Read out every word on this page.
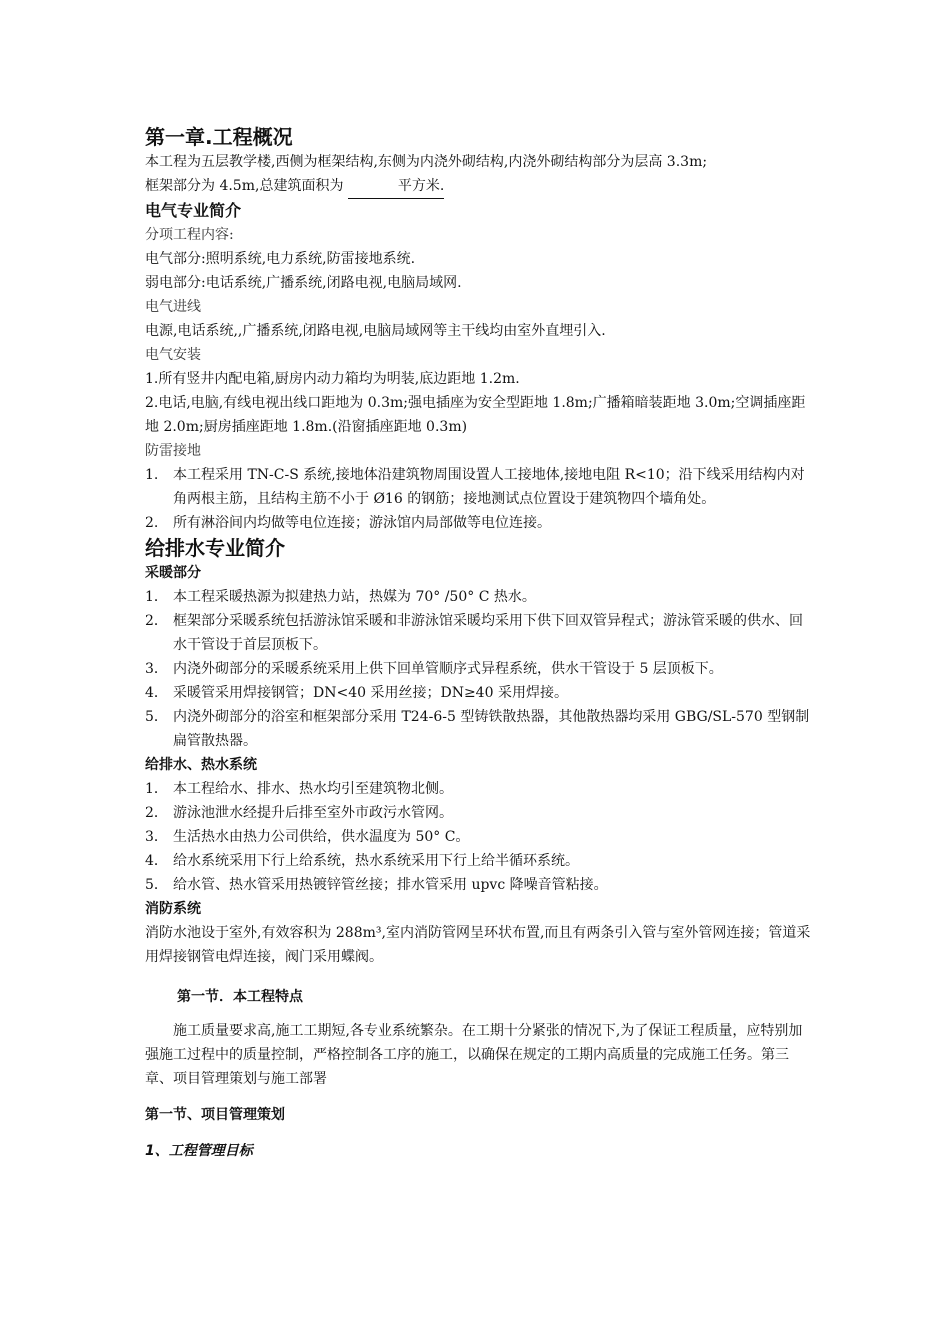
第一章.工程概况

本工程为五层教学楼,西侧为框架结构,东侧为内浇外砌结构,内浇外砌结构部分为层高 3.3m;

框架部分为 4.5m,总建筑面积为	平方米.

电气专业简介

分项工程内容:

电气部分:照明系统,电力系统,防雷接地系统.

弱电部分:电话系统,广播系统,闭路电视,电脑局域网.

电气进线

电源,电话系统,,广播系统,闭路电视,电脑局域网等主干线均由室外直埋引入.

电气安装

1.所有竖井内配电箱,厨房内动力箱均为明装,底边距地 1.2m.

2.电话,电脑,有线电视出线口距地为 0.3m;强电插座为安全型距地 1.8m;广播箱暗装距地 3.0m;空调插座距地 2.0m;厨房插座距地 1.8m.(沿窗插座距地 0.3m)

防雷接地

1. 本工程采用 TN-C-S 系统,接地体沿建筑物周围设置人工接地体,接地电阻 R<10；沿下线采用结构内对角两根主筋，且结构主筋不小于 Ø16 的钢筋；接地测试点位置设于建筑物四个墙角处。
2. 所有淋浴间内均做等电位连接；游泳馆内局部做等电位连接。
给排水专业简介
采暖部分
1． 本工程采暖热源为拟建热力站，热媒为 70° /50° C 热水。
2． 框架部分采暖系统包括游泳馆采暖和非游泳馆采暖均采用下供下回双管异程式；游泳管采暖的供水、回水干管设于首层顶板下。
3． 内浇外砌部分的采暖系统采用上供下回单管顺序式异程系统，供水干管设于 5 层顶板下。
4． 采暖管采用焊接钢管；DN<40 采用丝接；DN≥40 采用焊接。
5． 内浇外砌部分的浴室和框架部分采用 T24-6-5 型铸铁散热器，其他散热器均采用 GBG/SL-570 型钢制扁管散热器。
给排水、热水系统
1． 本工程给水、排水、热水均引至建筑物北侧。
2． 游泳池泄水经提升后排至室外市政污水管网。
3． 生活热水由热力公司供给，供水温度为 50° C。
4． 给水系统采用下行上给系统，热水系统采用下行上给半循环系统。
5． 给水管、热水管采用热镀锌管丝接；排水管采用 upvc 降噪音管粘接。
消防系统

消防水池设于室外,有效容积为 288m³,室内消防管网呈环状布置,而且有两条引入管与室外管网连接；管道采用焊接钢管电焊连接，阀门采用蝶阀。

第一节．本工程特点

施工质量要求高,施工工期短,各专业系统繁杂。在工期十分紧张的情况下,为了保证工程质量，应特别加强施工过程中的质量控制，严格控制各工序的施工，以确保在规定的工期内高质量的完成施工任务。第三章、项目管理策划与施工部署

第一节、项目管理策划
1、工程管理目标
